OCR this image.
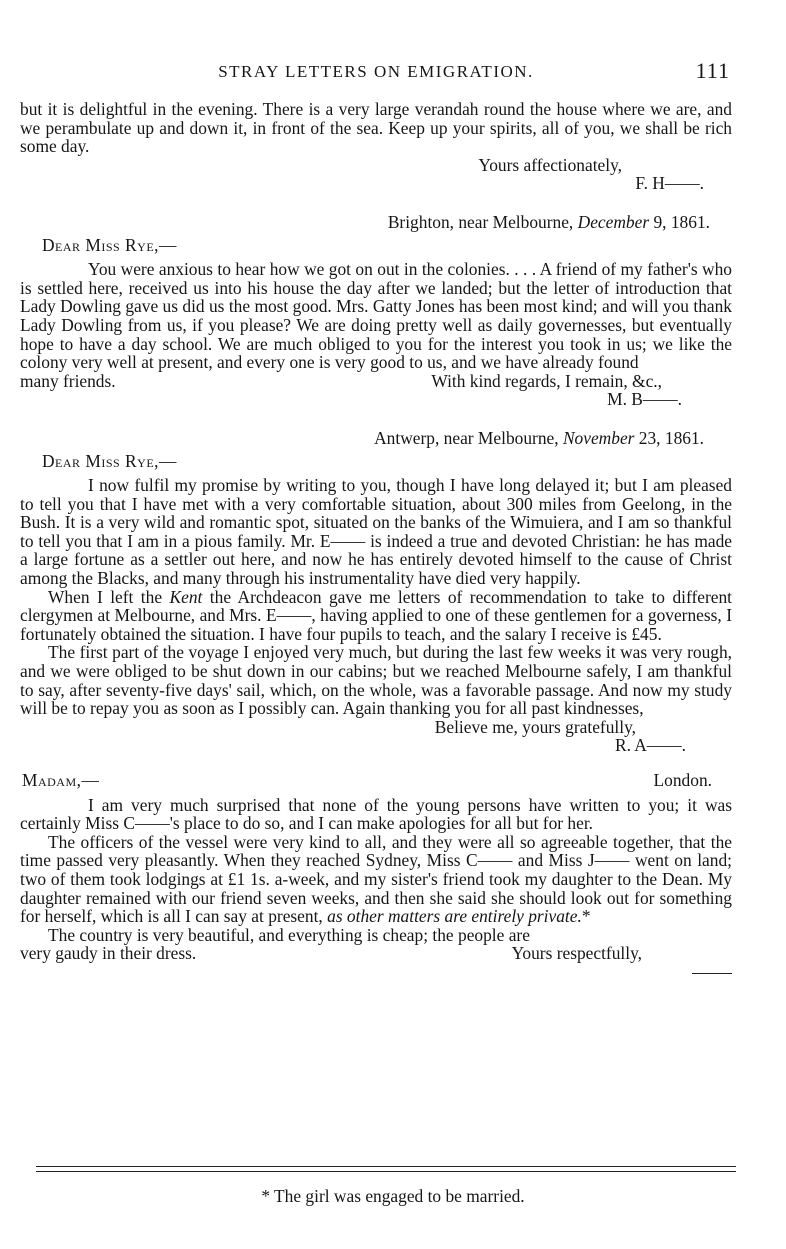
STRAY LETTERS ON EMIGRATION.	111

but it is delightful in the evening. There is a very large verandah round the house where we are, and we perambulate up and down it, in front of the sea. Keep up your spirits, all of you, we shall be rich some day.

Yours affectionately,

F. H——.

Brighton, near Melbourne, December 9, 1861.

Dear Miss Rye,—

You were anxious to hear how we got on out in the colonies. . . . A friend of my father's who is settled here, received us into his house the day after we landed; but the letter of introduction that Lady Dowling gave us did us the most good. Mrs. Gatty Jones has been most kind; and will you thank Lady Dowling from us, if you please? We are doing pretty well as daily governesses, but eventually hope to have a day school. We are much obliged to you for the interest you took in us; we like the colony very well at present, and every one is very good to us, and we have already found

many friends.	With kind regards, I remain, &c.,

M. B——.

Antwerp, near Melbourne, November 23, 1861.

Dear Miss Rye,—

I now fulfil my promise by writing to you, though I have long delayed it; but I am pleased to tell you that I have met with a very comfortable situation, about 300 miles from Geelong, in the Bush. It is a very wild and romantic spot, situated on the banks of the Wimuiera, and I am so thankful to tell you that I am in a pious family. Mr. E—— is indeed a true and devoted Christian: he has made a large fortune as a settler out here, and now he has entirely devoted himself to the cause of Christ among the Blacks, and many through his instrumentality have died very happily.

When I left the Kent the Archdeacon gave me letters of recommendation to take to different clergymen at Melbourne, and Mrs. E——, having applied to one of these gentlemen for a governess, I fortunately obtained the situation. I have four pupils to teach, and the salary I receive is £45.

The first part of the voyage I enjoyed very much, but during the last few weeks it was very rough, and we were obliged to be shut down in our cabins; but we reached Melbourne safely, I am thankful to say, after seventy-five days' sail, which, on the whole, was a favorable passage. And now my study will be to repay you as soon as I possibly can. Again thanking you for all past kindnesses,

Believe me, yours gratefully,

R. A——.

Madam,—	London.

I am very much surprised that none of the young persons have written to you; it was certainly Miss C——'s place to do so, and I can make apologies for all but for her.

The officers of the vessel were very kind to all, and they were all so agreeable together, that the time passed very pleasantly. When they reached Sydney, Miss C—— and Miss J—— went on land; two of them took lodgings at £1 1s. a-week, and my sister's friend took my daughter to the Dean. My daughter remained with our friend seven weeks, and then she said she should look out for something for herself, which is all I can say at present, as other matters are entirely private.*

The country is very beautiful, and everything is cheap; the people are

very gaudy in their dress.	Yours respectfully,

* The girl was engaged to be married.
